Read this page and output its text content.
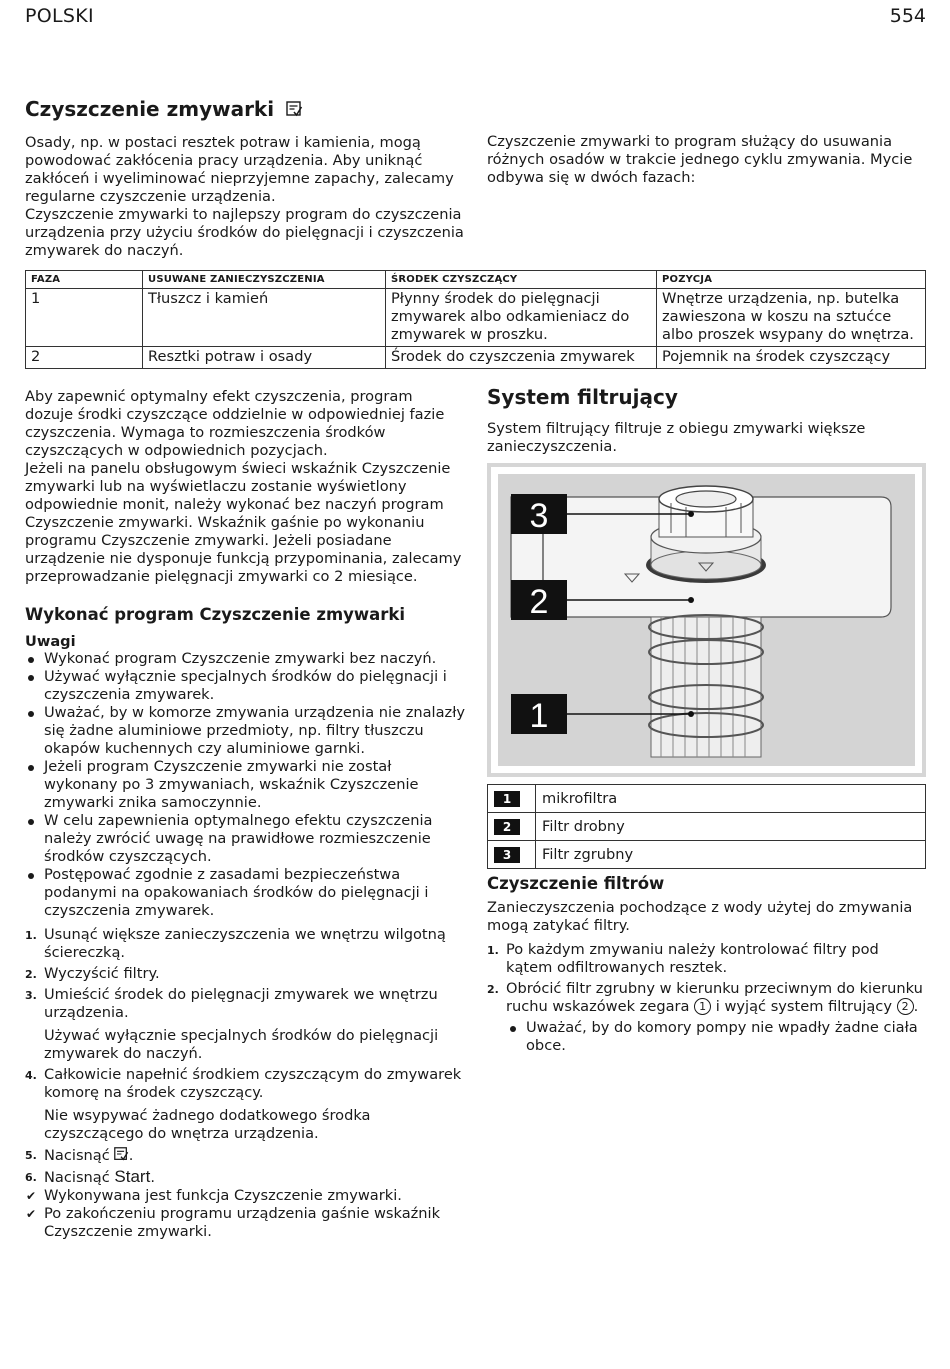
POLSKI	554
Czyszczenie zmywarki

Osady, np. w postaci resztek potraw i kamienia, mogą powodować zakłócenia pracy urządzenia. Aby uniknąć zakłóceń i wyeliminować nieprzyjemne zapachy, zalecamy regularne czyszczenie urządzenia.

Czyszczenie zmywarki to najlepszy program do czyszczenia urządzenia przy użyciu środków do pielęgnacji i czyszczenia zmywarek do naczyń.

Czyszczenie zmywarki to program służący do usuwania różnych osadów w trakcie jednego cyklu zmywania. Mycie odbywa się w dwóch fazach:

FAZA	USUWANE ZANIECZYSZCZENIA	ŚRODEK CZYSZCZĄCY	POZYCJA
1	Tłuszcz i kamień	Płynny środek do pielęgnacji zmywarek albo odkamieniacz do zmywarek w proszku.	Wnętrze urządzenia, np. butelka zawieszona w koszu na sztućce albo proszek wsypany do wnętrza.
2	Resztki potraw i osady	Środek do czyszczenia zmywarek	Pojemnik na środek czyszczący

Aby zapewnić optymalny efekt czyszczenia, program dozuje środki czyszczące oddzielnie w odpowiedniej fazie czyszczenia. Wymaga to rozmieszczenia środków czyszczących w odpowiednich pozycjach.

Jeżeli na panelu obsługowym świeci wskaźnik Czyszczenie zmywarki lub na wyświetlaczu zostanie wyświetlony odpowiednie monit, należy wykonać bez naczyń program Czyszczenie zmywarki. Wskaźnik gaśnie po wykonaniu programu Czyszczenie zmywarki. Jeżeli posiadane urządzenie nie dysponuje funkcją przypominania, zalecamy przeprowadzanie pielęgnacji zmywarki co 2 miesiące.

Wykonać program Czyszczenie zmywarki
Uwagi
Wykonać program Czyszczenie zmywarki bez naczyń.
Używać wyłącznie specjalnych środków do pielęgnacji i czyszczenia zmywarek.
Uważać, by w komorze zmywania urządzenia nie znalazły się żadne aluminiowe przedmioty, np. filtry tłuszczu okapów kuchennych czy aluminiowe garnki.
Jeżeli program Czyszczenie zmywarki nie został wykonany po 3 zmywaniach, wskaźnik Czyszczenie zmywarki znika samoczynnie.
W celu zapewnienia optymalnego efektu czyszczenia należy zwrócić uwagę na prawidłowe rozmieszczenie środków czyszczących.
Postępować zgodnie z zasadami bezpieczeństwa podanymi na opakowaniach środków do pielęgnacji i czyszczenia zmywarek.
1. Usunąć większe zanieczyszczenia we wnętrzu wilgotną ściereczką.
2. Wyczyścić filtry.
3. Umieścić środek do pielęgnacji zmywarek we wnętrzu urządzenia.
Używać wyłącznie specjalnych środków do pielęgnacji zmywarek do naczyń.
4. Całkowicie napełnić środkiem czyszczącym do zmywarek komorę na środek czyszczący.
Nie wsypywać żadnego dodatkowego środka czyszczącego do wnętrza urządzenia.
5. Nacisnąć .
6. Nacisnąć Start.
✔ Wykonywana jest funkcja Czyszczenie zmywarki.
✔ Po zakończeniu programu urządzenia gaśnie wskaźnik Czyszczenie zmywarki.
System filtrujący

System filtrujący filtruje z obiegu zmywarki większe zanieczyszczenia.

3
2
1
1	mikrofiltra
2	Filtr drobny
3	Filtr zgrubny
Czyszczenie filtrów

Zanieczyszczenia pochodzące z wody użytej do zmywania mogą zatykać filtry.

1. Po każdym zmywaniu należy kontrolować filtry pod kątem odfiltrowanych resztek.
2. Obrócić filtr zgrubny w kierunku przeciwnym do kierunku ruchu wskazówek zegara 1 i wyjąć system filtrujący 2 .
Uważać, by do komory pompy nie wpadły żadne ciała obce.
